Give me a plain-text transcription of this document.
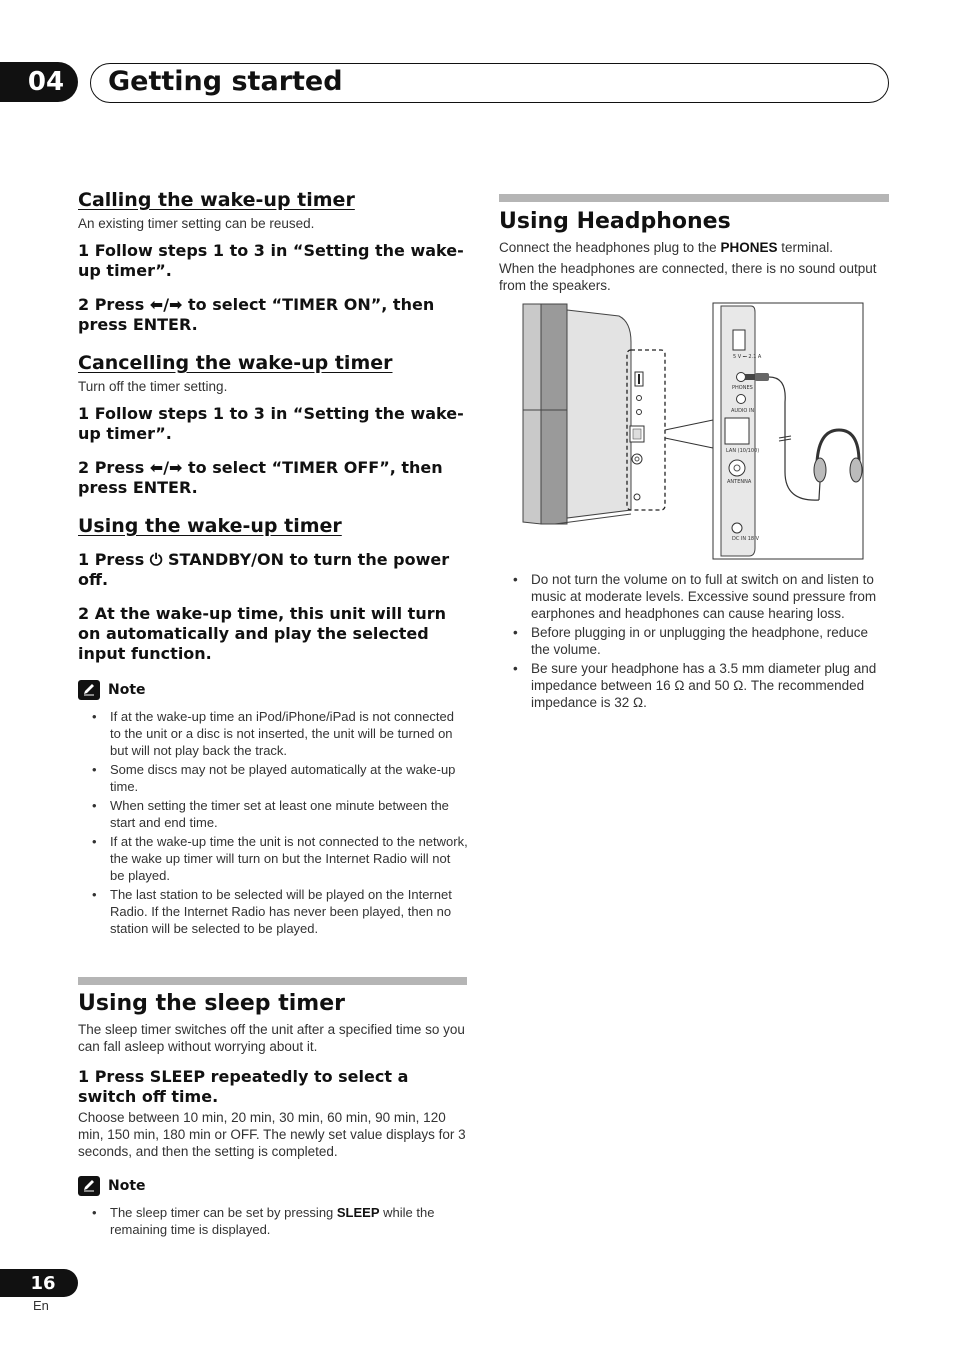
04	Getting started
Calling the wake-up timer

An existing timer setting can be reused.

1 Follow steps 1 to 3 in “Setting the wake-up timer”.

2 Press ⬅/➡ to select “TIMER ON”, then press ENTER.

Cancelling the wake-up timer

Turn off the timer setting.

1 Follow steps 1 to 3 in “Setting the wake-up timer”.

2 Press ⬅/➡ to select “TIMER OFF”, then press ENTER.

Using the wake-up timer

1 Press ⏻ STANDBY/ON to turn the power off.

2 At the wake-up time, this unit will turn on automatically and play the selected input function.

Note
• If at the wake-up time an iPod/iPhone/iPad is not connected to the unit or a disc is not inserted, the unit will be turned on but will not play back the track.
• Some discs may not be played automatically at the wake-up time.
• When setting the timer set at least one minute between the start and end time.
• If at the wake-up time the unit is not connected to the network, the wake up timer will turn on but the Internet Radio will not be played.
• The last station to be selected will be played on the Internet Radio. If the Internet Radio has never been played, then no station will be selected to be played.
Using the sleep timer

The sleep timer switches off the unit after a specified time so you can fall asleep without worrying about it.

1 Press SLEEP repeatedly to select a switch off time.

Choose between 10 min, 20 min, 30 min, 60 min, 90 min, 120 min, 150 min, 180 min or OFF. The newly set value displays for 3 seconds, and then the setting is completed.

Note
• The sleep timer can be set by pressing SLEEP while the remaining time is displayed.
Using Headphones

Connect the headphones plug to the PHONES terminal.

When the headphones are connected, there is no sound output from the speakers.

5 V ⎓ 2.1 A
PHONES
AUDIO IN
LAN (10/100)
ANTENNA
DC IN 18 V
• Do not turn the volume on to full at switch on and listen to music at moderate levels. Excessive sound pressure from earphones and headphones can cause hearing loss.
• Before plugging in or unplugging the headphone, reduce the volume.
• Be sure your headphone has a 3.5 mm diameter plug and impedance between 16 Ω and 50 Ω. The recommended impedance is 32 Ω.
16
En
